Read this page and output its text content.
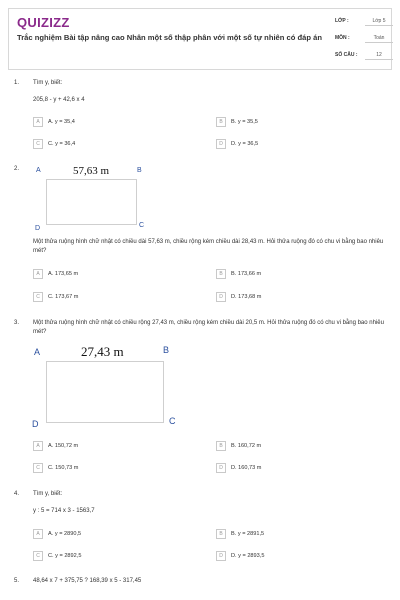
QUIZIZZ
Trắc nghiệm Bài tập nâng cao Nhân một số thập phân với một số tự nhiên có đáp án
LỚP :	Lớp 5
MÔN :	Toán
SỐ CÂU :	12
1. Tìm y, biết:
205,8 - y + 42,6 x 4
A	A. y = 35,4	B	B. y = 35,5
C	C. y = 36,4	D	D. y = 36,5
2. A	57,63 m	B
D	C
Một thửa ruộng hình chữ nhật có chiều dài 57,63 m, chiều rộng kém chiều dài 28,43 m. Hỏi thửa ruộng đó có chu vi bằng bao nhiêu mét?
A	A. 173,65 m	B	B. 173,66 m
C	C. 173,67 m	D	D. 173,68 m
3. Một thửa ruộng hình chữ nhật có chiều rộng 27,43 m, chiều rộng kém chiều dài 20,5 m. Hỏi thửa ruộng đó có chu vi bằng bao nhiêu mét?
A	27,43 m	B
D	C
A	A. 150,72 m	B	B. 160,72 m
C	C. 150,73 m	D	D. 160,73 m
4. Tìm y, biết:
y : 5 = 714 x 3 - 1563,7
A	A. y = 2890,5	B	B. y = 2891,5
C	C. y = 2892,5	D	D. y = 2893,5
5. 48,64 x 7 + 375,75 ? 168,39 x 5 - 317,45
